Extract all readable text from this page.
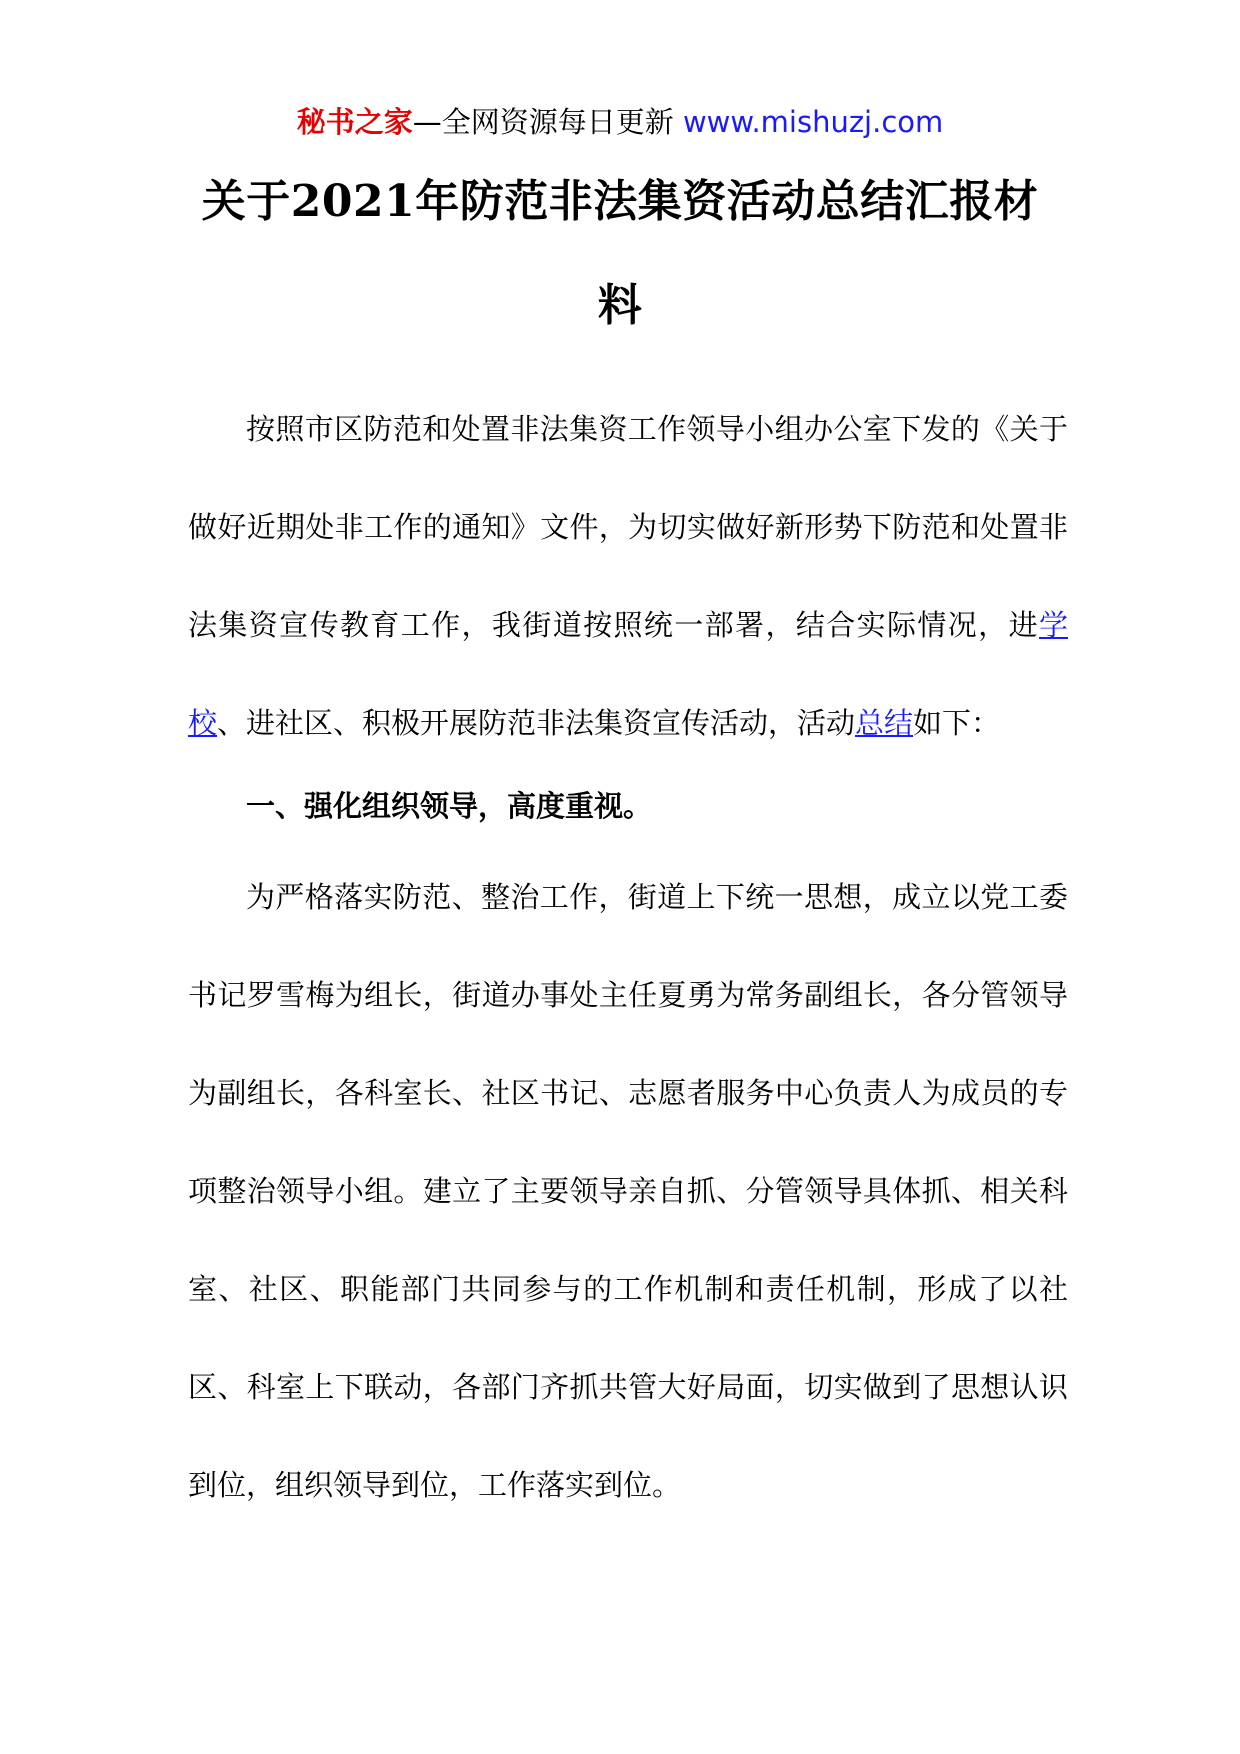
秘书之家—全网资源每日更新 www.mishuzj.com
关于2021年防范非法集资活动总结汇报材
料
按照市区防范和处置非法集资工作领导小组办公室下发的《关于做好近期处非工作的通知》文件，为切实做好新形势下防范和处置非法集资宣传教育工作，我街道按照统一部署，结合实际情况，进学校、进社区、积极开展防范非法集资宣传活动，活动总结如下：
一、强化组织领导，高度重视。
为严格落实防范、整治工作，街道上下统一思想，成立以党工委书记罗雪梅为组长，街道办事处主任夏勇为常务副组长，各分管领导为副组长，各科室长、社区书记、志愿者服务中心负责人为成员的专项整治领导小组。建立了主要领导亲自抓、分管领导具体抓、相关科室、社区、职能部门共同参与的工作机制和责任机制，形成了以社区、科室上下联动，各部门齐抓共管大好局面，切实做到了思想认识到位，组织领导到位，工作落实到位。
